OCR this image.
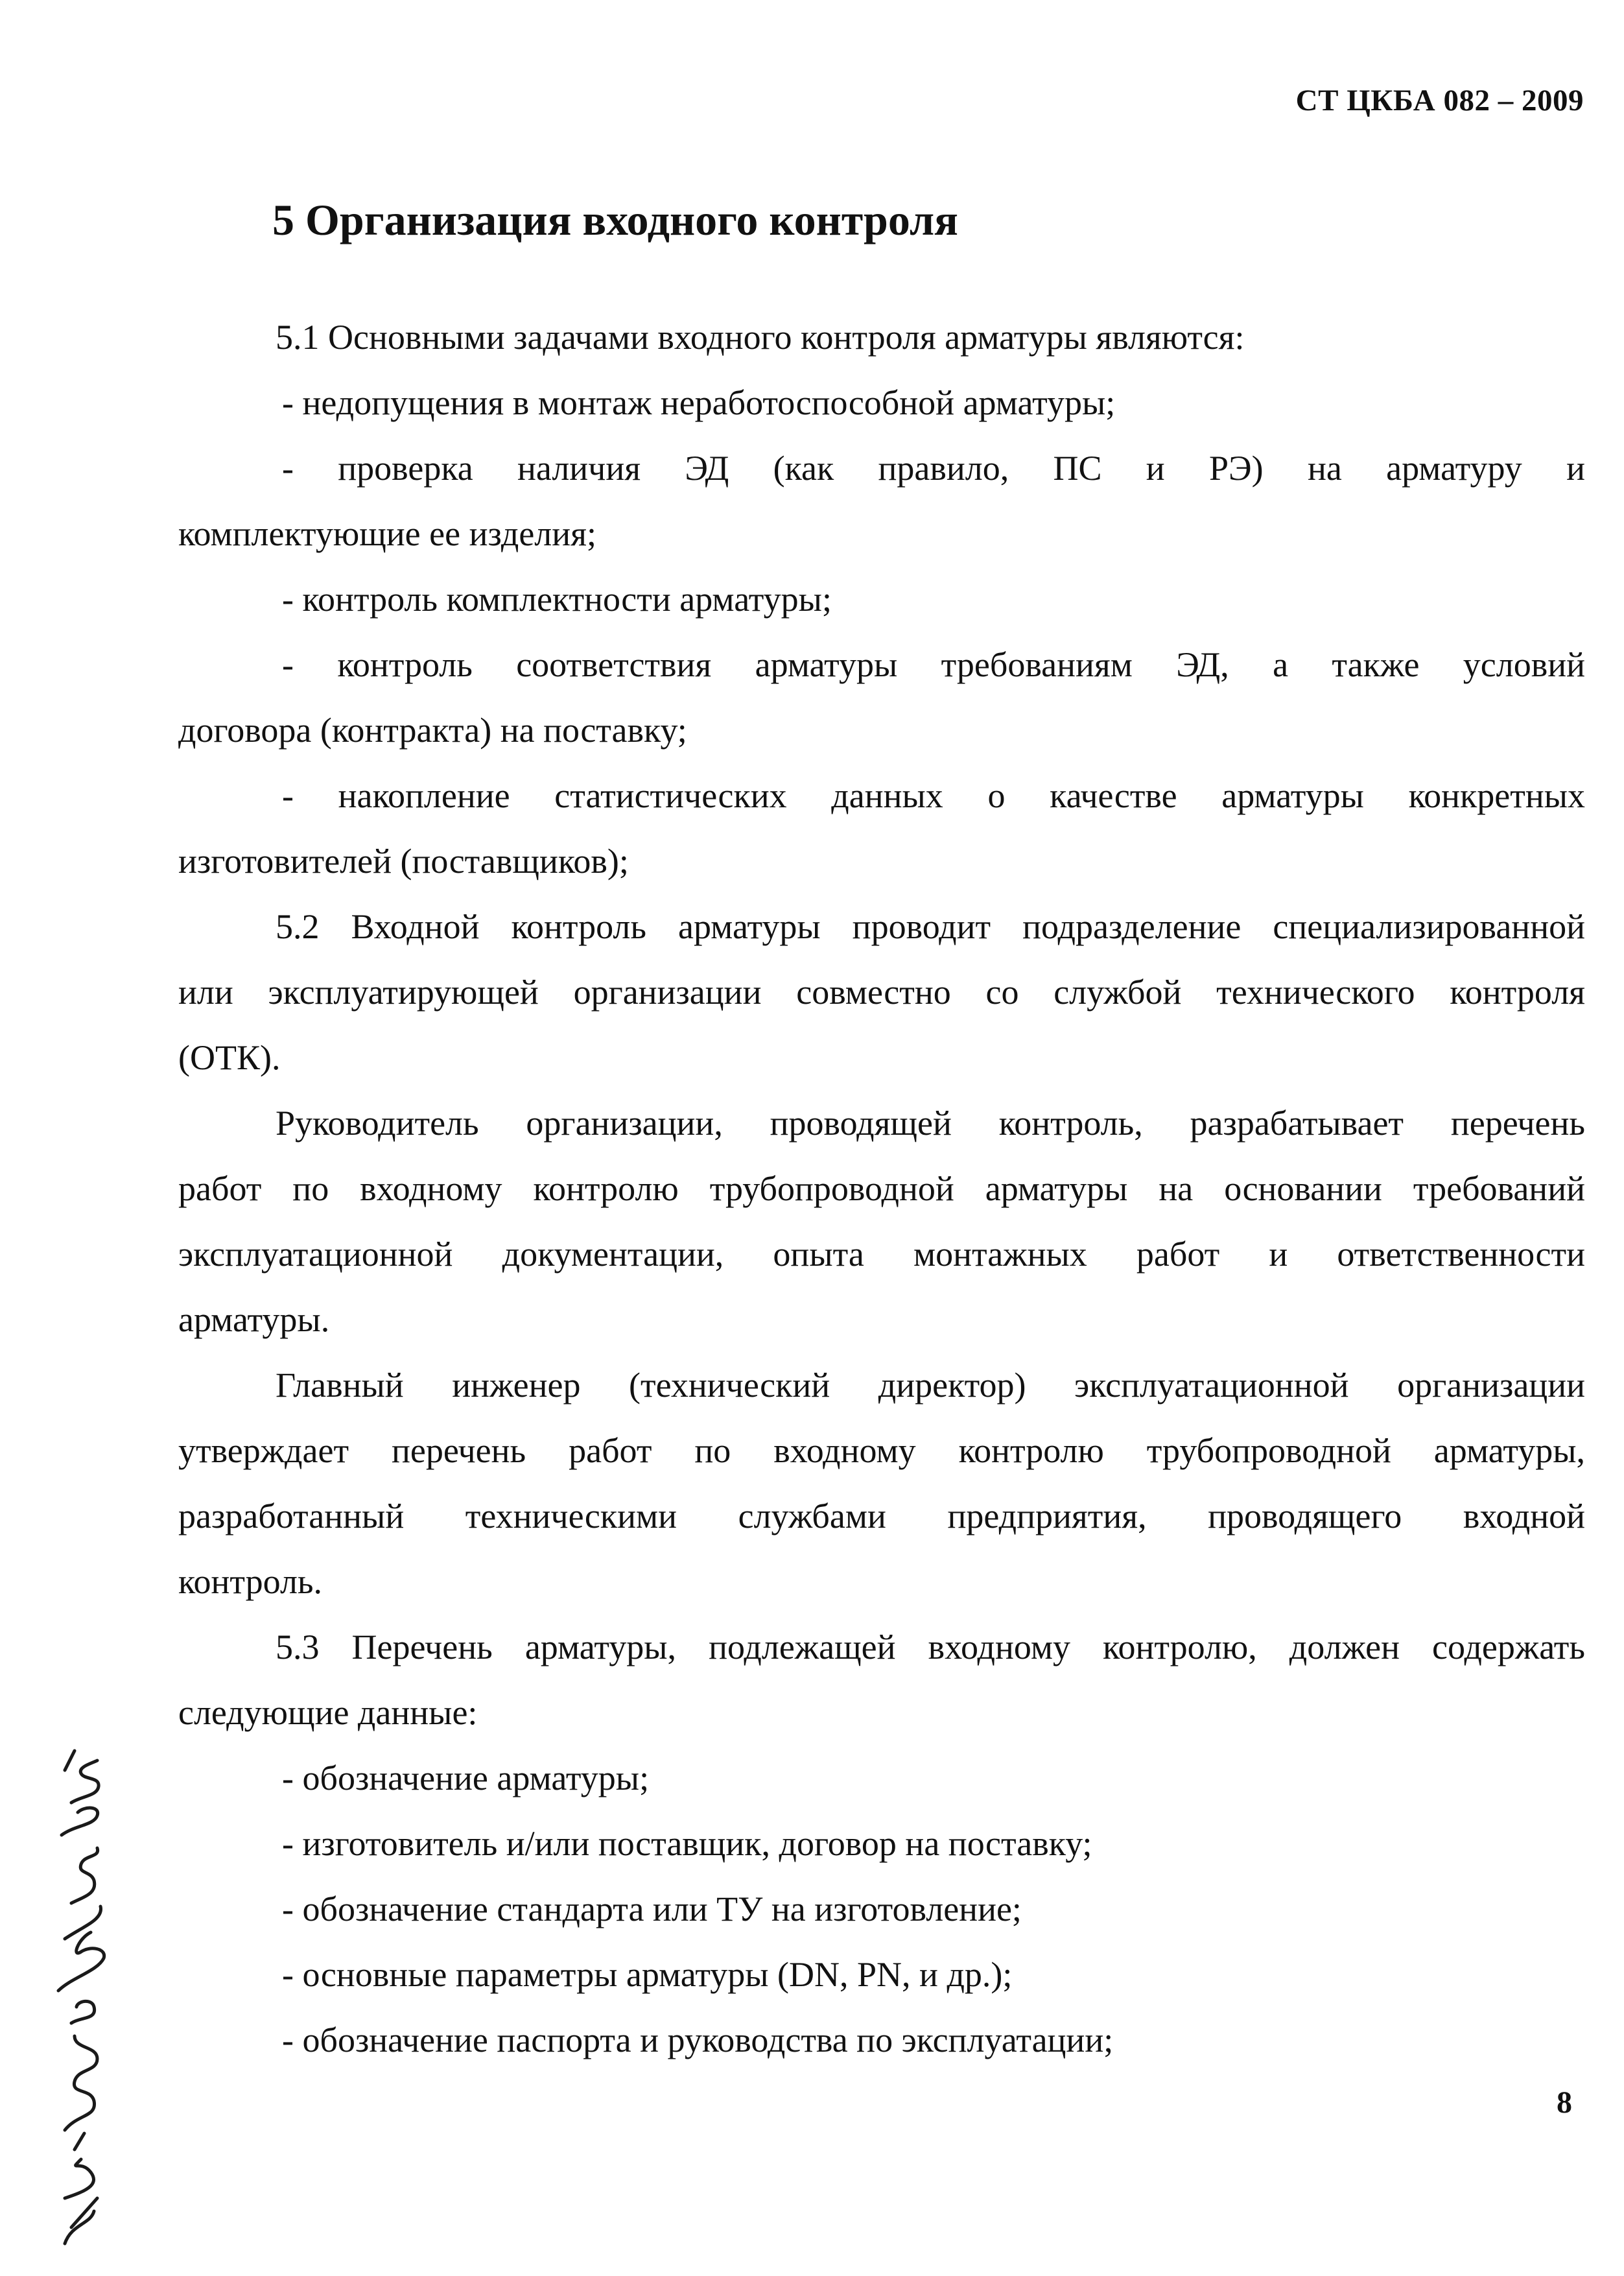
СТ ЦКБА 082 – 2009
5 Организация входного контроля
5.1 Основными задачами входного контроля арматуры являются:
- недопущения в монтаж неработоспособной арматуры;
- проверка наличия ЭД (как правило, ПС и РЭ) на арматуру и
комплектующие ее изделия;
- контроль комплектности арматуры;
- контроль соответствия арматуры требованиям ЭД, а также условий
договора (контракта) на поставку;
- накопление статистических данных о качестве арматуры конкретных
изготовителей (поставщиков);
5.2 Входной контроль арматуры проводит подразделение специализированной
или эксплуатирующей организации совместно со службой технического контроля
(ОТК).
Руководитель организации, проводящей контроль, разрабатывает перечень
работ по входному контролю трубопроводной арматуры на основании требований
эксплуатационной документации, опыта монтажных работ и ответственности
арматуры.
Главный инженер (технический директор) эксплуатационной организации
утверждает перечень работ по входному контролю трубопроводной арматуры,
разработанный техническими службами предприятия, проводящего входной
контроль.
5.3 Перечень арматуры, подлежащей входному контролю, должен содержать
следующие данные:
- обозначение арматуры;
- изготовитель и/или поставщик, договор на поставку;
- обозначение стандарта или ТУ на изготовление;
- основные параметры арматуры (DN, PN, и др.);
- обозначение паспорта и руководства по эксплуатации;
8
